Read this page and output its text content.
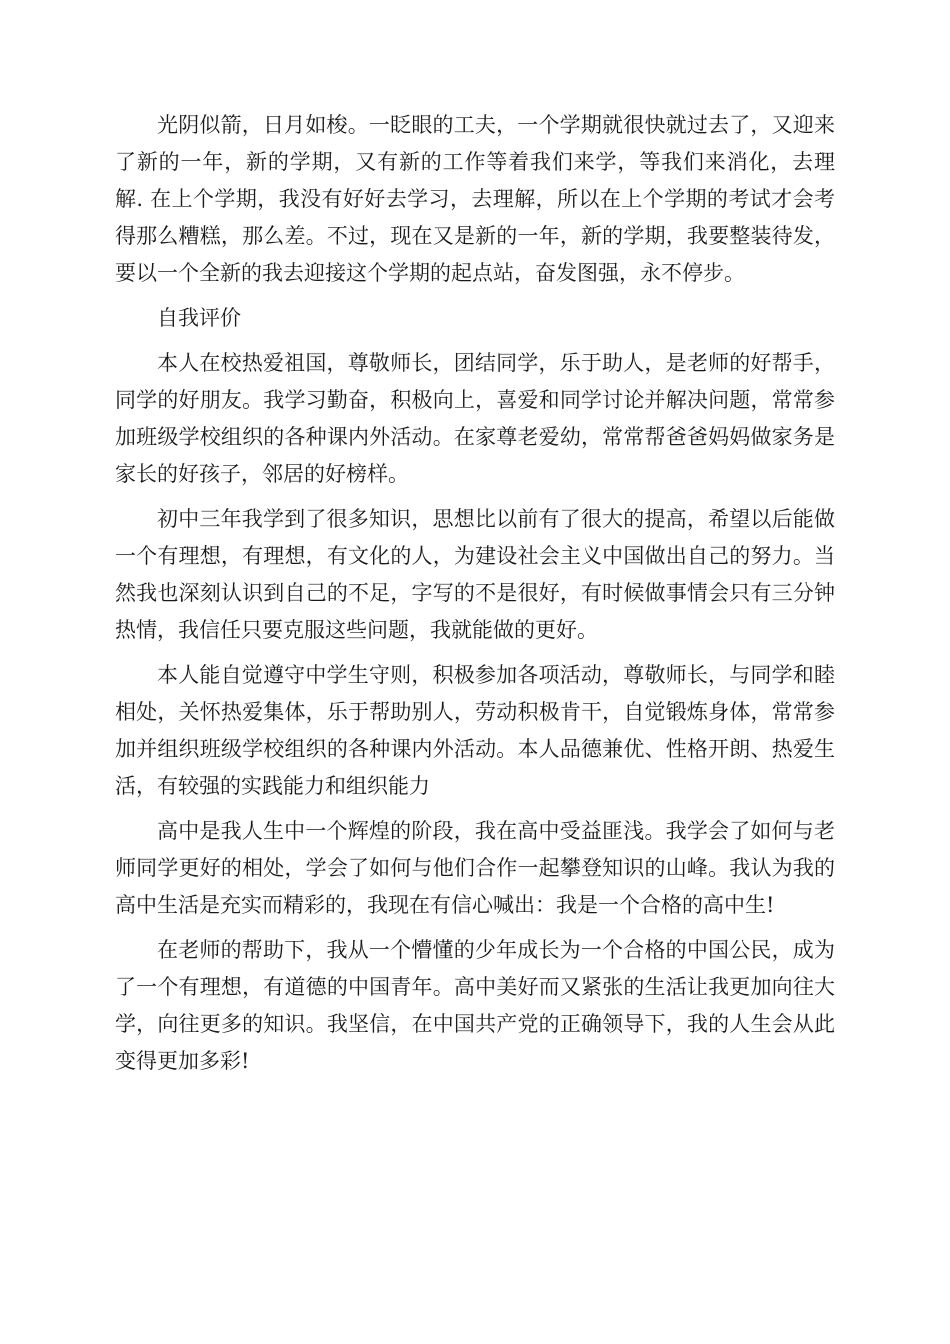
光阴似箭，日月如梭。一眨眼的工夫，一个学期就很快就过去了，又迎来了新的一年，新的学期，又有新的工作等着我们来学，等我们来消化，去理解. 在上个学期，我没有好好去学习，去理解，所以在上个学期的考试才会考得那么糟糕，那么差。不过，现在又是新的一年，新的学期，我要整装待发，要以一个全新的我去迎接这个学期的起点站，奋发图强，永不停步。

自我评价

本人在校热爱祖国，尊敬师长，团结同学，乐于助人，是老师的好帮手，同学的好朋友。我学习勤奋，积极向上，喜爱和同学讨论并解决问题，常常参加班级学校组织的各种课内外活动。在家尊老爱幼，常常帮爸爸妈妈做家务是家长的好孩子，邻居的好榜样。

初中三年我学到了很多知识，思想比以前有了很大的提高，希望以后能做一个有理想，有理想，有文化的人，为建设社会主义中国做出自己的努力。当然我也深刻认识到自己的不足，字写的不是很好，有时候做事情会只有三分钟热情，我信任只要克服这些问题，我就能做的更好。

本人能自觉遵守中学生守则，积极参加各项活动，尊敬师长，与同学和睦相处，关怀热爱集体，乐于帮助别人，劳动积极肯干，自觉锻炼身体，常常参加并组织班级学校组织的各种课内外活动。本人品德兼优、性格开朗、热爱生活，有较强的实践能力和组织能力

高中是我人生中一个辉煌的阶段，我在高中受益匪浅。我学会了如何与老师同学更好的相处，学会了如何与他们合作一起攀登知识的山峰。我认为我的高中生活是充实而精彩的，我现在有信心喊出：我是一个合格的高中生!

在老师的帮助下，我从一个懵懂的少年成长为一个合格的中国公民，成为了一个有理想，有道德的中国青年。高中美好而又紧张的生活让我更加向往大学，向往更多的知识。我坚信，在中国共产党的正确领导下，我的人生会从此变得更加多彩!
